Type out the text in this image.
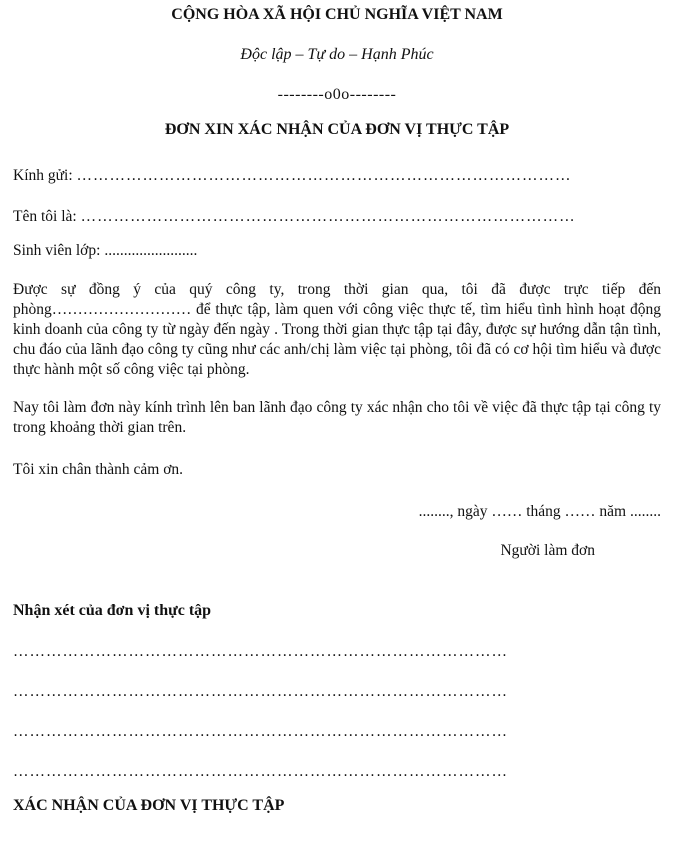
CỘNG HÒA XÃ HỘI CHỦ NGHĨA VIỆT NAM
Độc lập – Tự do – Hạnh Phúc
--------o0o--------
ĐƠN XIN XÁC NHẬN CỦA ĐƠN VỊ THỰC TẬP
Kính gửi: ………………………………………………………………………………
Tên tôi là: ………………………………………………………………………………
Sinh viên lớp: ........................
Được sự đồng ý của quý công ty, trong thời gian qua, tôi đã được trực tiếp đến phòng……………………… để thực tập, làm quen với công việc thực tế, tìm hiểu tình hình hoạt động kinh doanh của công ty từ ngày đến ngày . Trong thời gian thực tập tại đây, được sự hướng dẫn tận tình, chu đáo của lãnh đạo công ty cũng như các anh/chị làm việc tại phòng, tôi đã có cơ hội tìm hiểu và được thực hành một số công việc tại phòng.
Nay tôi làm đơn này kính trình lên ban lãnh đạo công ty xác nhận cho tôi về việc đã thực tập tại công ty trong khoảng thời gian trên.
Tôi xin chân thành cảm ơn.
........, ngày …… tháng …… năm ........
Người làm đơn
Nhận xét của đơn vị thực tập
………………………………………………………………………………
………………………………………………………………………………
………………………………………………………………………………
………………………………………………………………………………
XÁC NHẬN CỦA ĐƠN VỊ THỰC TẬP
